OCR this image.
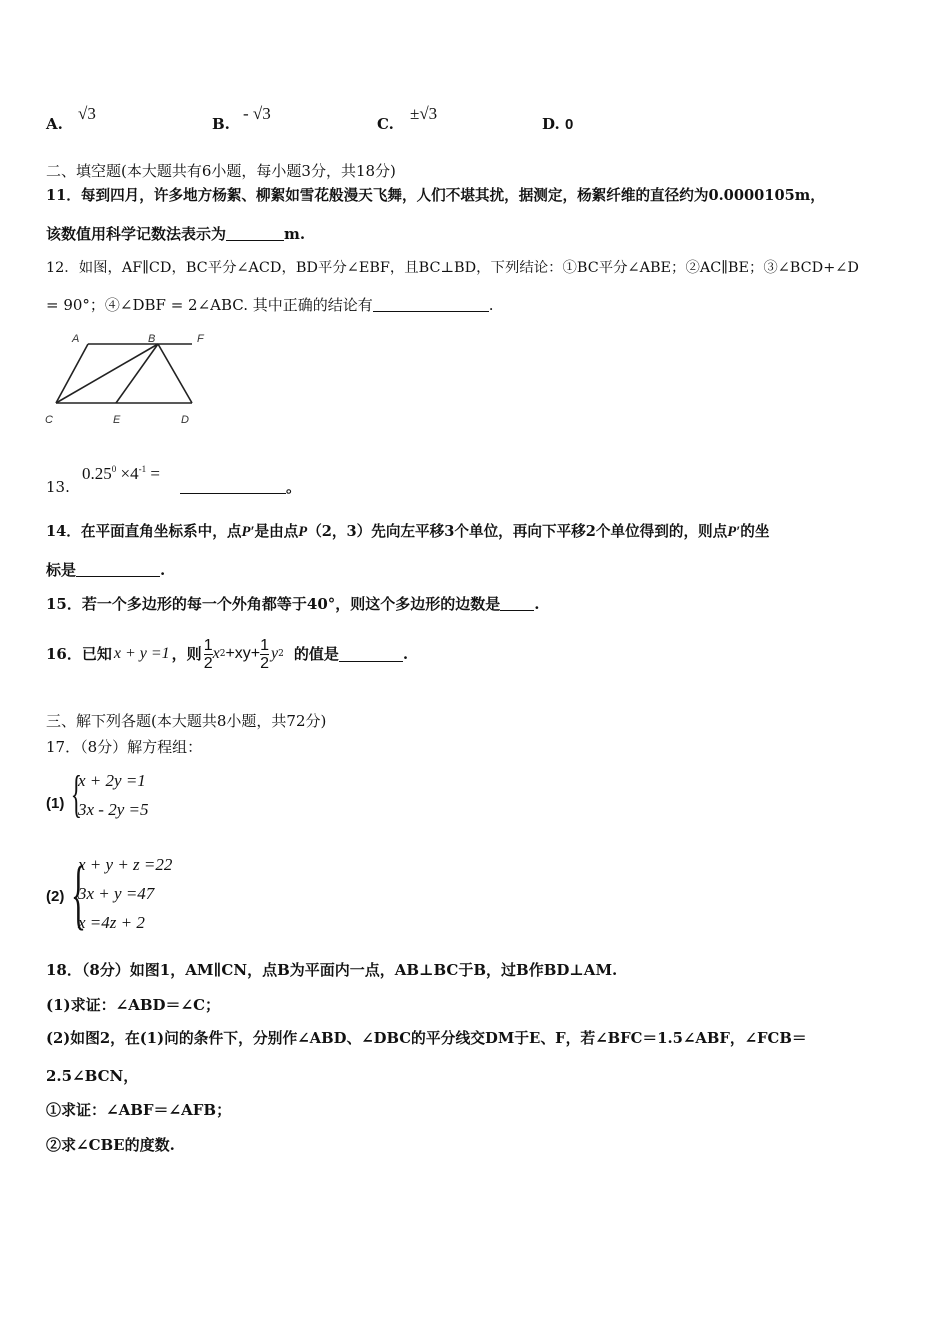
A.
√3
B.
- √3
C.
±√3
D. 0
二、填空题(本大题共有6小题，每小题3分，共18分)
11．每到四月，许多地方杨絮、柳絮如雪花般漫天飞舞，人们不堪其扰，据测定，杨絮纤维的直径约为0.0000105m，
该数值用科学记数法表示为	m.
12．如图，AF∥CD，BC平分∠ACD，BD平分∠EBF，且BC⊥BD，下列结论：①BC平分∠ABE；②AC∥BE；③∠BCD+∠D
= 90°；④∠DBF = 2∠ABC. 其中正确的结论有	.
A	B	F
C	E	D
13.
$0.25^0 \times 4^{-1}$ =
。
14．在平面直角坐标系中，点P′是由点P（2，3）先向左平移3个单位，再向下平移2个单位得到的，则点P′的坐
标是	.
15．若一个多边形的每一个外角都等于40°，则这个多边形的边数是 .
16．已知 x + y =1 ，则 $\frac{1}{2}$ x $2 +xy+ \frac{1}{2}$ y 2 的值是	.
三、解下列各题(本大题共8小题，共72分)
17．（8分）解方程组：
(1) {
x + 2y =1
3x - 2y =5
(2) {
x + y + z =22
3x + y =47
x =4z + 2
18．（8分）如图1，AM∥CN，点B为平面内一点，AB⊥BC于B，过B作BD⊥AM.
(1)求证：∠ABD＝∠C；
(2)如图2，在(1)问的条件下，分别作∠ABD、∠DBC的平分线交DM于E、F，若∠BFC＝1.5∠ABF，∠FCB＝
2.5∠BCN，
①求证：∠ABF＝∠AFB；
②求∠CBE的度数.
